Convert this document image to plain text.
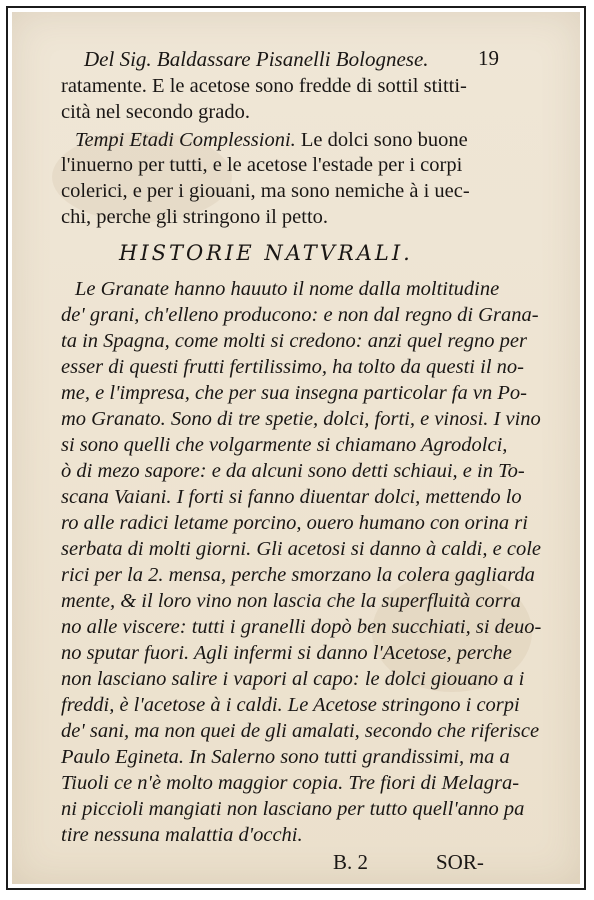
Del Sig. Baldassare Pisanelli Bolognese. 19
ratamente. E le acetose sono fredde di sottil stitti-
cità nel secondo grado.
Tempi Etadi Complessioni. Le dolci sono buone
l'inuerno per tutti, e le acetose l'estade per i corpi
colerici, e per i giouani, ma sono nemiche à i uec-
chi, perche gli stringono il petto.
HISTORIE NATVRALI.
Le Granate hanno hauuto il nome dalla moltitudine
de' grani, ch'elleno producono: e non dal regno di Grana-
ta in Spagna, come molti si credono: anzi quel regno per
esser di questi frutti fertilissimo, ha tolto da questi il no-
me, e l'impresa, che per sua insegna particolar fa vn Po-
mo Granato. Sono di tre spetie, dolci, forti, e vinosi. I vino
si sono quelli che volgarmente si chiamano Agrodolci,
ò di mezo sapore: e da alcuni sono detti schiaui, e in To-
scana Vaiani. I forti si fanno diuentar dolci, mettendo lo
ro alle radici letame porcino, ouero humano con orina ri
serbata di molti giorni. Gli acetosi si danno à caldi, e cole
rici per la 2. mensa, perche smorzano la colera gagliarda
mente, & il loro vino non lascia che la superfluità corra
no alle viscere: tutti i granelli dopò ben succhiati, si deuo-
no sputar fuori. Agli infermi si danno l'Acetose, perche
non lasciano salire i vapori al capo: le dolci giouano a i
freddi, è l'acetose à i caldi. Le Acetose stringono i corpi
de' sani, ma non quei de gli amalati, secondo che riferisce
Paulo Egineta. In Salerno sono tutti grandissimi, ma a
Tiuoli ce n'è molto maggior copia. Tre fiori di Melagra-
ni piccioli mangiati non lasciano per tutto quell'anno pa
tire nessuna malattia d'occhi.
B. 2	SOR-
